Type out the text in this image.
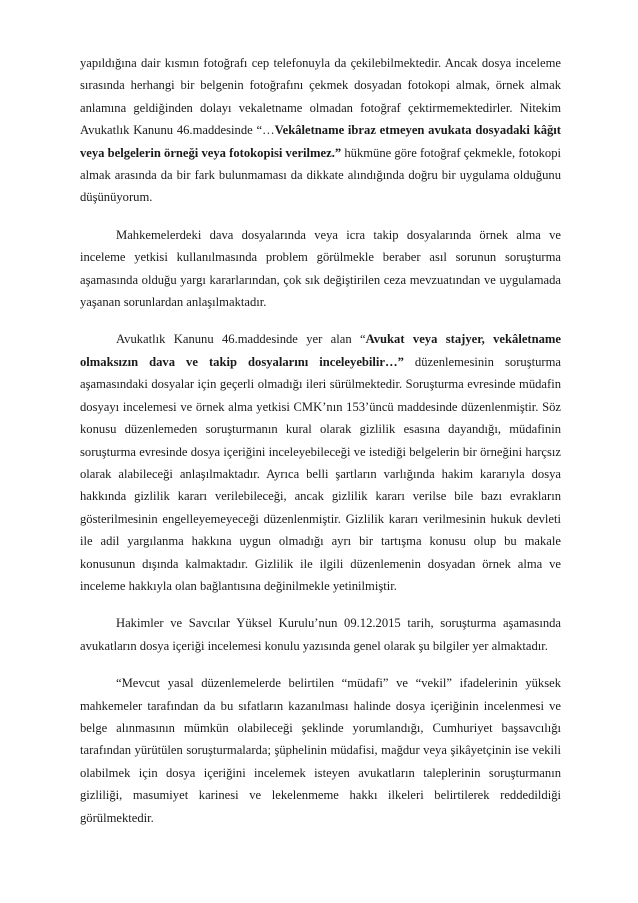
yapıldığına dair kısmın fotoğrafı cep telefonuyla da çekilebilmektedir. Ancak dosya inceleme sırasında herhangi bir belgenin fotoğrafını çekmek dosyadan fotokopi almak, örnek almak anlamına geldiğinden dolayı vekaletname olmadan fotoğraf çektirmemektedirler. Nitekim Avukatlık Kanunu 46.maddesinde “…Vekâletname ibraz etmeyen avukata dosyadaki kâğıt veya belgelerin örneği veya fotokopisi verilmez.” hükmüne göre fotoğraf çekmekle, fotokopi almak arasında da bir fark bulunmaması da dikkate alındığında doğru bir uygulama olduğunu düşünüyorum.

Mahkemelerdeki dava dosyalarında veya icra takip dosyalarında örnek alma ve inceleme yetkisi kullanılmasında problem görülmekle beraber asıl sorunun soruşturma aşamasında olduğu yargı kararlarından, çok sık değiştirilen ceza mevzuatından ve uygulamada yaşanan sorunlardan anlaşılmaktadır.

Avukatlık Kanunu 46.maddesinde yer alan “Avukat veya stajyer, vekâletname olmaksızın dava ve takip dosyalarını inceleyebilir…” düzenlemesinin soruşturma aşamasındaki dosyalar için geçerli olmadığı ileri sürülmektedir. Soruşturma evresinde müdafin dosyayı incelemesi ve örnek alma yetkisi CMK’nın 153’üncü maddesinde düzenlenmiştir. Söz konusu düzenlemeden soruşturmanın kural olarak gizlilik esasına dayandığı, müdafinin soruşturma evresinde dosya içeriğini inceleyebileceği ve istediği belgelerin bir örneğini harçsız olarak alabileceği anlaşılmaktadır. Ayrıca belli şartların varlığında hakim kararıyla dosya hakkında gizlilik kararı verilebileceği, ancak gizlilik kararı verilse bile bazı evrakların gösterilmesinin engelleyemeyeceği düzenlenmiştir. Gizlilik kararı verilmesinin hukuk devleti ile adil yargılanma hakkına uygun olmadığı ayrı bir tartışma konusu olup bu makale konusunun dışında kalmaktadır. Gizlilik ile ilgili düzenlemenin dosyadan örnek alma ve inceleme hakkıyla olan bağlantısına değinilmekle yetinilmiştir.

Hakimler ve Savcılar Yüksel Kurulu’nun 09.12.2015 tarih, soruşturma aşamasında avukatların dosya içeriği incelemesi konulu yazısında genel olarak şu bilgiler yer almaktadır.

“Mevcut yasal düzenlemelerde belirtilen “müdafi” ve “vekil” ifadelerinin yüksek mahkemeler tarafından da bu sıfatların kazanılması halinde dosya içeriğinin incelenmesi ve belge alınmasının mümkün olabileceği şeklinde yorumlandığı, Cumhuriyet başsavcılığı tarafından yürütülen soruşturmalarda; şüphelinin müdafisi, mağdur veya şikâyetçinin ise vekili olabilmek için dosya içeriğini incelemek isteyen avukatların taleplerinin soruşturmanın gizliliği, masumiyet karinesi ve lekelenmeme hakkı ilkeleri belirtilerek reddedildiği görülmektedir.
